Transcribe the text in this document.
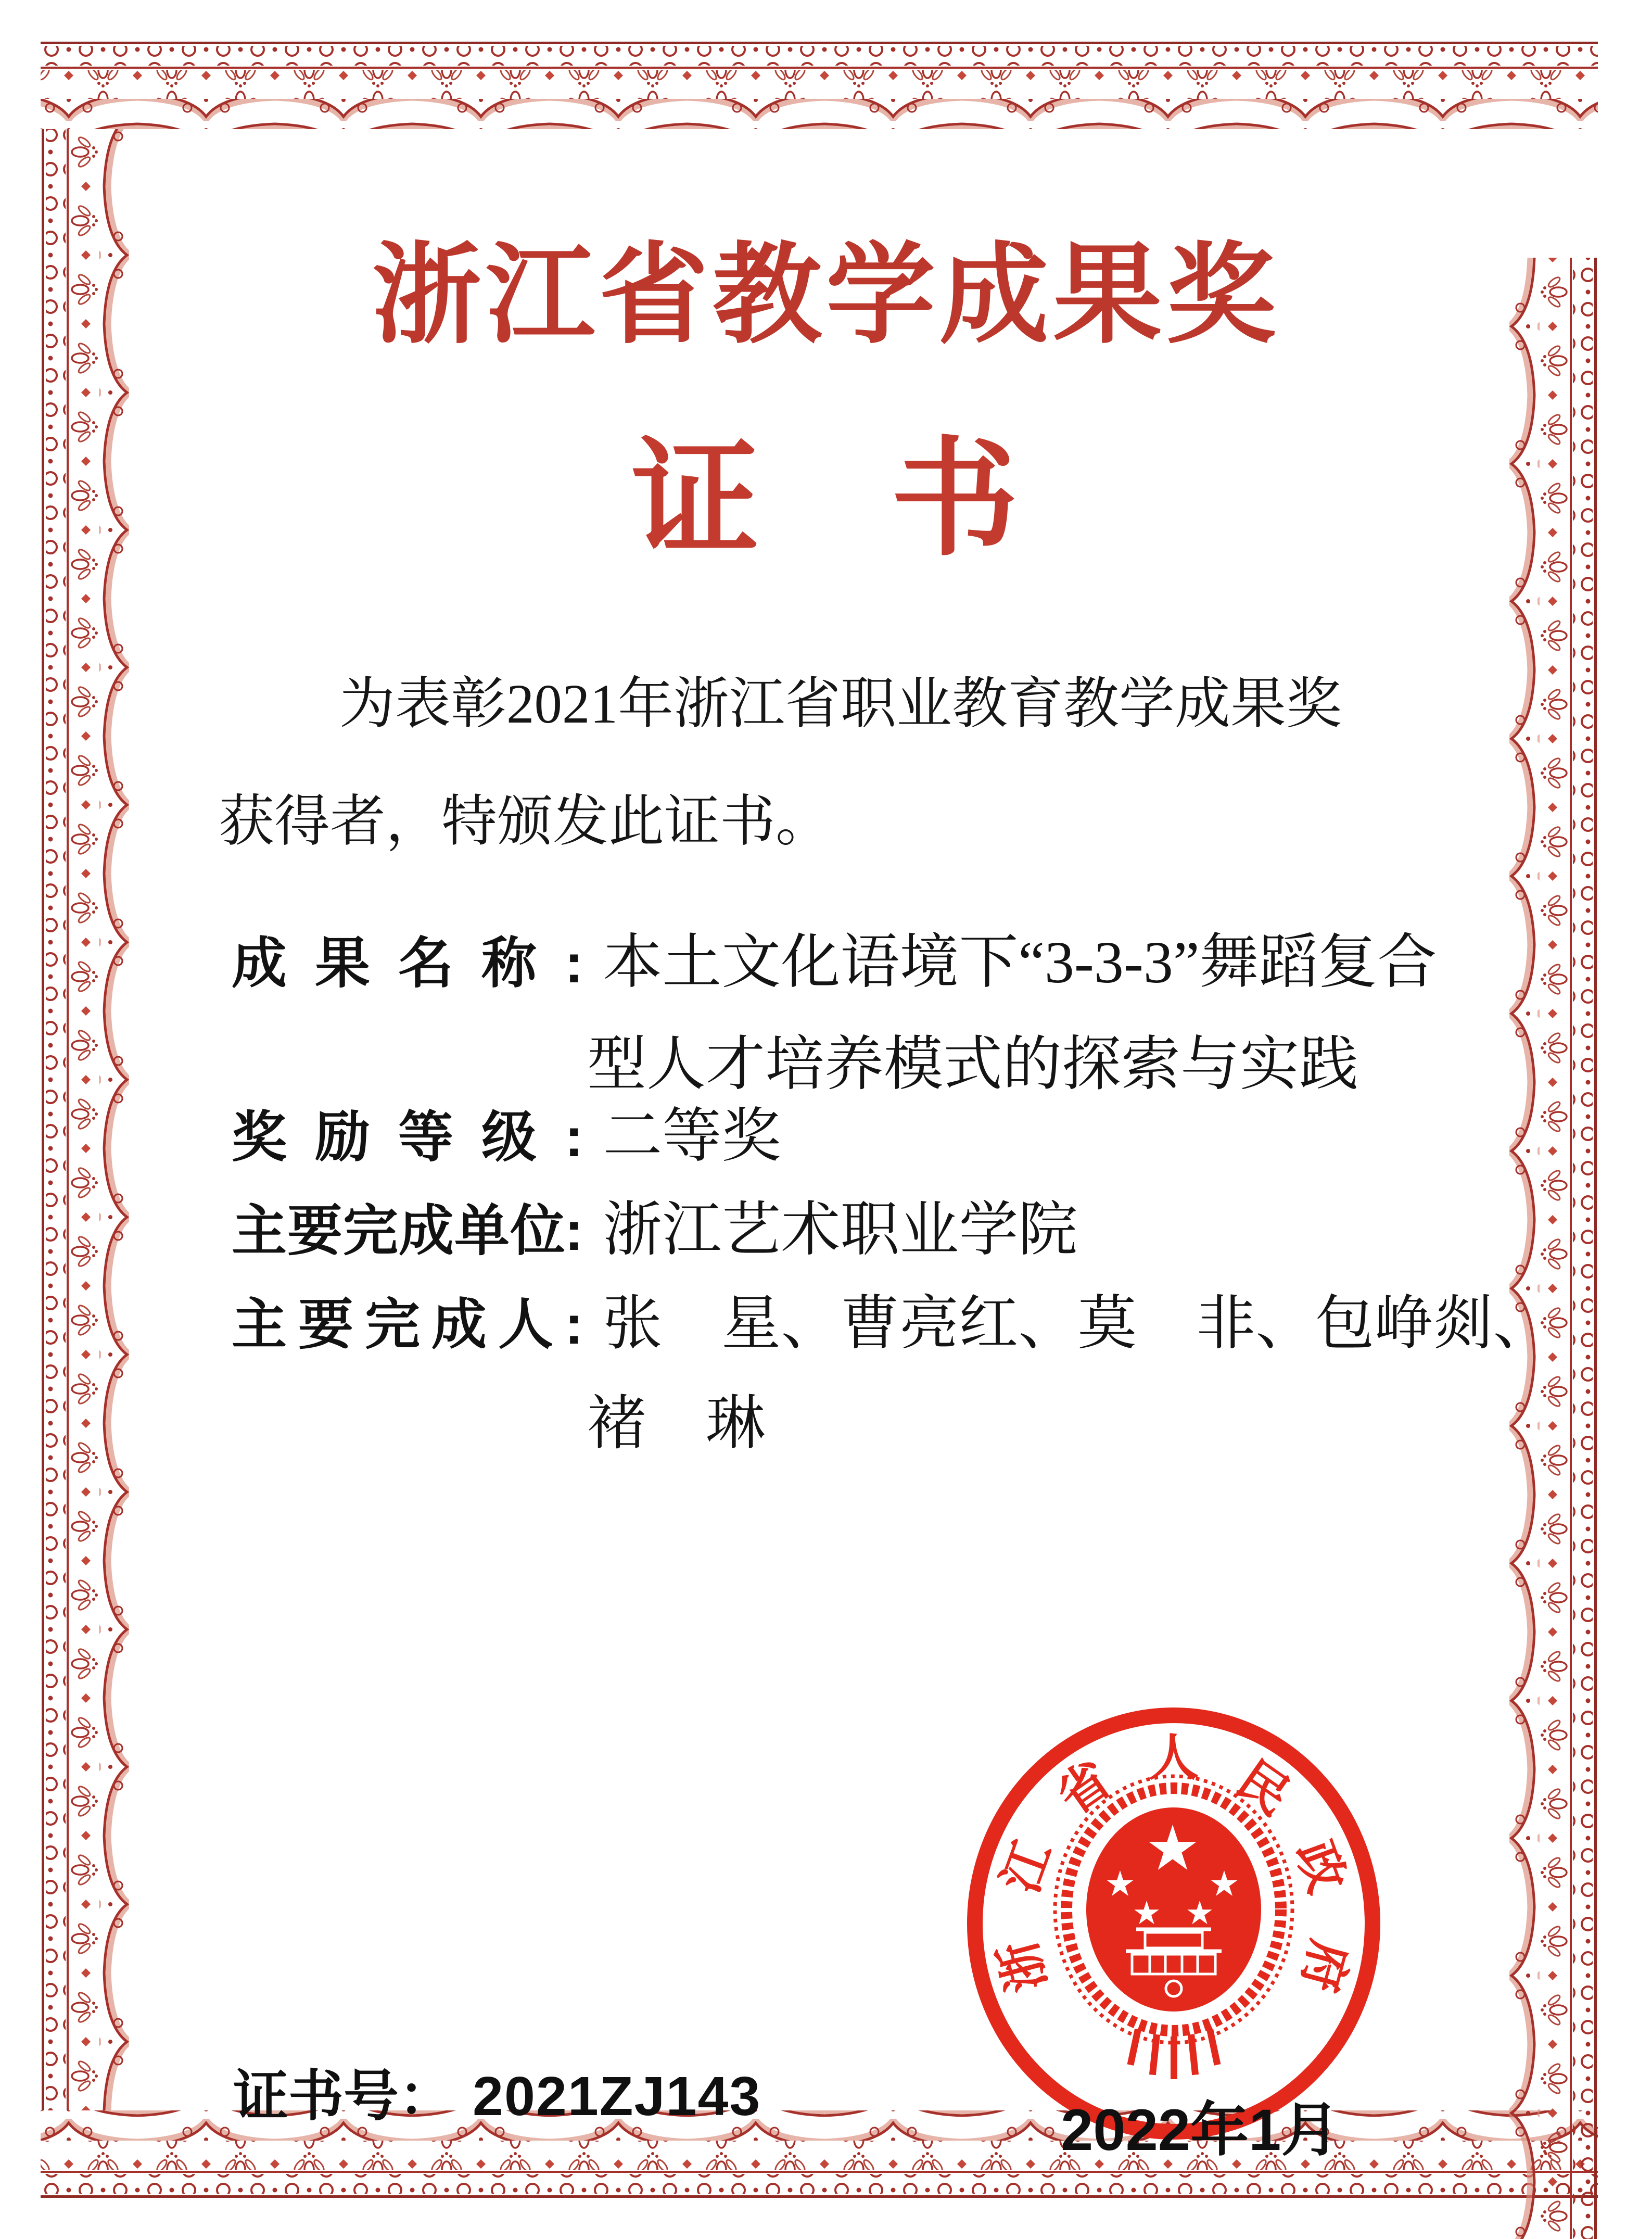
浙
江
省 人 民
政
府
浙江省教学成果奖
证　书
为表彰2021年浙江省职业教育教学成果奖
获得者，特颁发此证书。
成果名称: 本土文化语境下“3-3-3”舞蹈复合
型人才培养模式的探索与实践
奖励等级: 二等奖
主要完成单位: 浙江艺术职业学院
主要完成人: 张　星、曹亮红、莫　非、包峥剡、
褚　琳
证书号： 2021ZJ143
2022年1月
